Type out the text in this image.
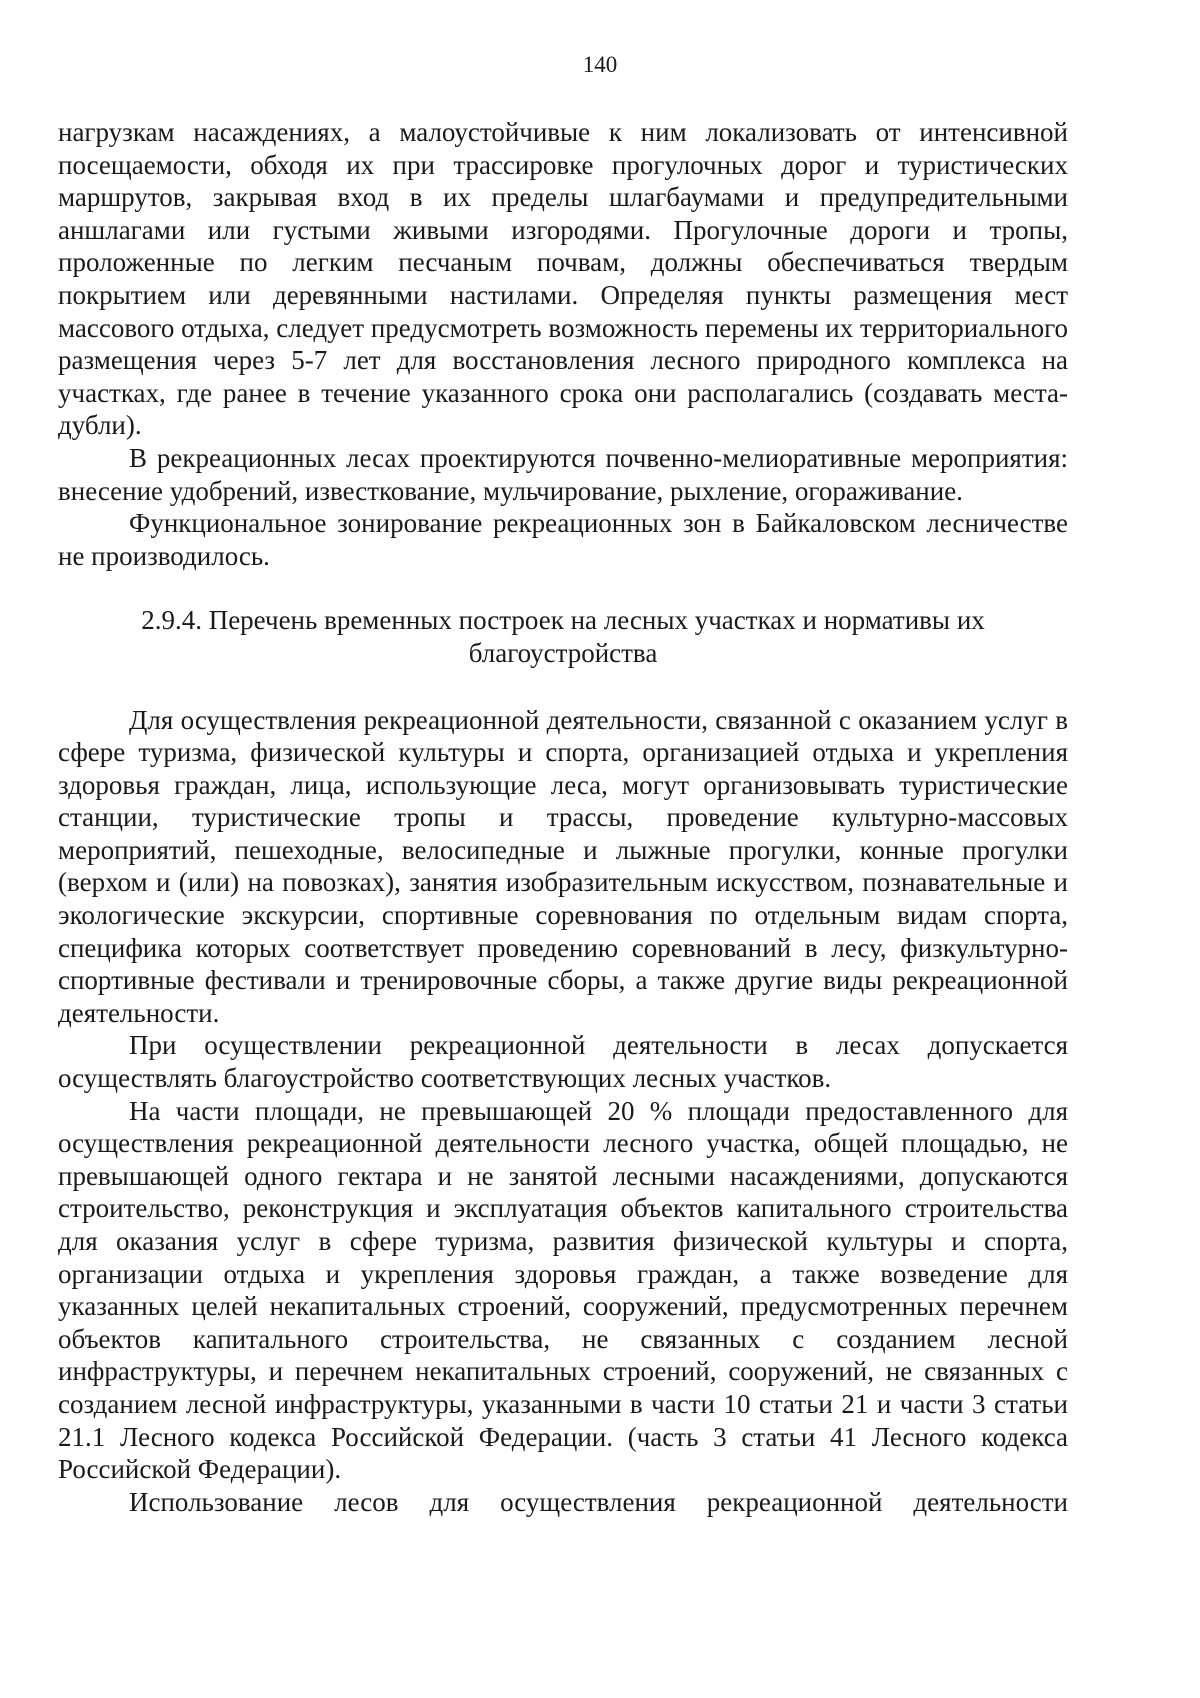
140

нагрузкам насаждениях, а малоустойчивые к ним локализовать от интенсивной посещаемости, обходя их при трассировке прогулочных дорог и туристических маршрутов, закрывая вход в их пределы шлагбаумами и предупредительными аншлагами или густыми живыми изгородями. Прогулочные дороги и тропы, проложенные по легким песчаным почвам, должны обеспечиваться твердым покрытием или деревянными настилами. Определяя пункты размещения мест массового отдыха, следует предусмотреть возможность перемены их территориального размещения через 5-7 лет для восстановления лесного природного комплекса на участках, где ранее в течение указанного срока они располагались (создавать места-дубли).

В рекреационных лесах проектируются почвенно-мелиоративные мероприятия: внесение удобрений, известкование, мульчирование, рыхление, огораживание.

Функциональное зонирование рекреационных зон в Байкаловском лесничестве не производилось.

2.9.4. Перечень временных построек на лесных участках и нормативы их благоустройства

Для осуществления рекреационной деятельности, связанной с оказанием услуг в сфере туризма, физической культуры и спорта, организацией отдыха и укрепления здоровья граждан, лица, использующие леса, могут организовывать туристические станции, туристические тропы и трассы, проведение культурно-массовых мероприятий, пешеходные, велосипедные и лыжные прогулки, конные прогулки (верхом и (или) на повозках), занятия изобразительным искусством, познавательные и экологические экскурсии, спортивные соревнования по отдельным видам спорта, специфика которых соответствует проведению соревнований в лесу, физкультурно-спортивные фестивали и тренировочные сборы, а также другие виды рекреационной деятельности.

При осуществлении рекреационной деятельности в лесах допускается осуществлять благоустройство соответствующих лесных участков.

На части площади, не превышающей 20 % площади предоставленного для осуществления рекреационной деятельности лесного участка, общей площадью, не превышающей одного гектара и не занятой лесными насаждениями, допускаются строительство, реконструкция и эксплуатация объектов капитального строительства для оказания услуг в сфере туризма, развития физической культуры и спорта, организации отдыха и укрепления здоровья граждан, а также возведение для указанных целей некапитальных строений, сооружений, предусмотренных перечнем объектов капитального строительства, не связанных с созданием лесной инфраструктуры, и перечнем некапитальных строений, сооружений, не связанных с созданием лесной инфраструктуры, указанными в части 10 статьи 21 и части 3 статьи 21.1 Лесного кодекса Российской Федерации. (часть 3 статьи 41 Лесного кодекса Российской Федерации).

Использование лесов для осуществления рекреационной деятельности
